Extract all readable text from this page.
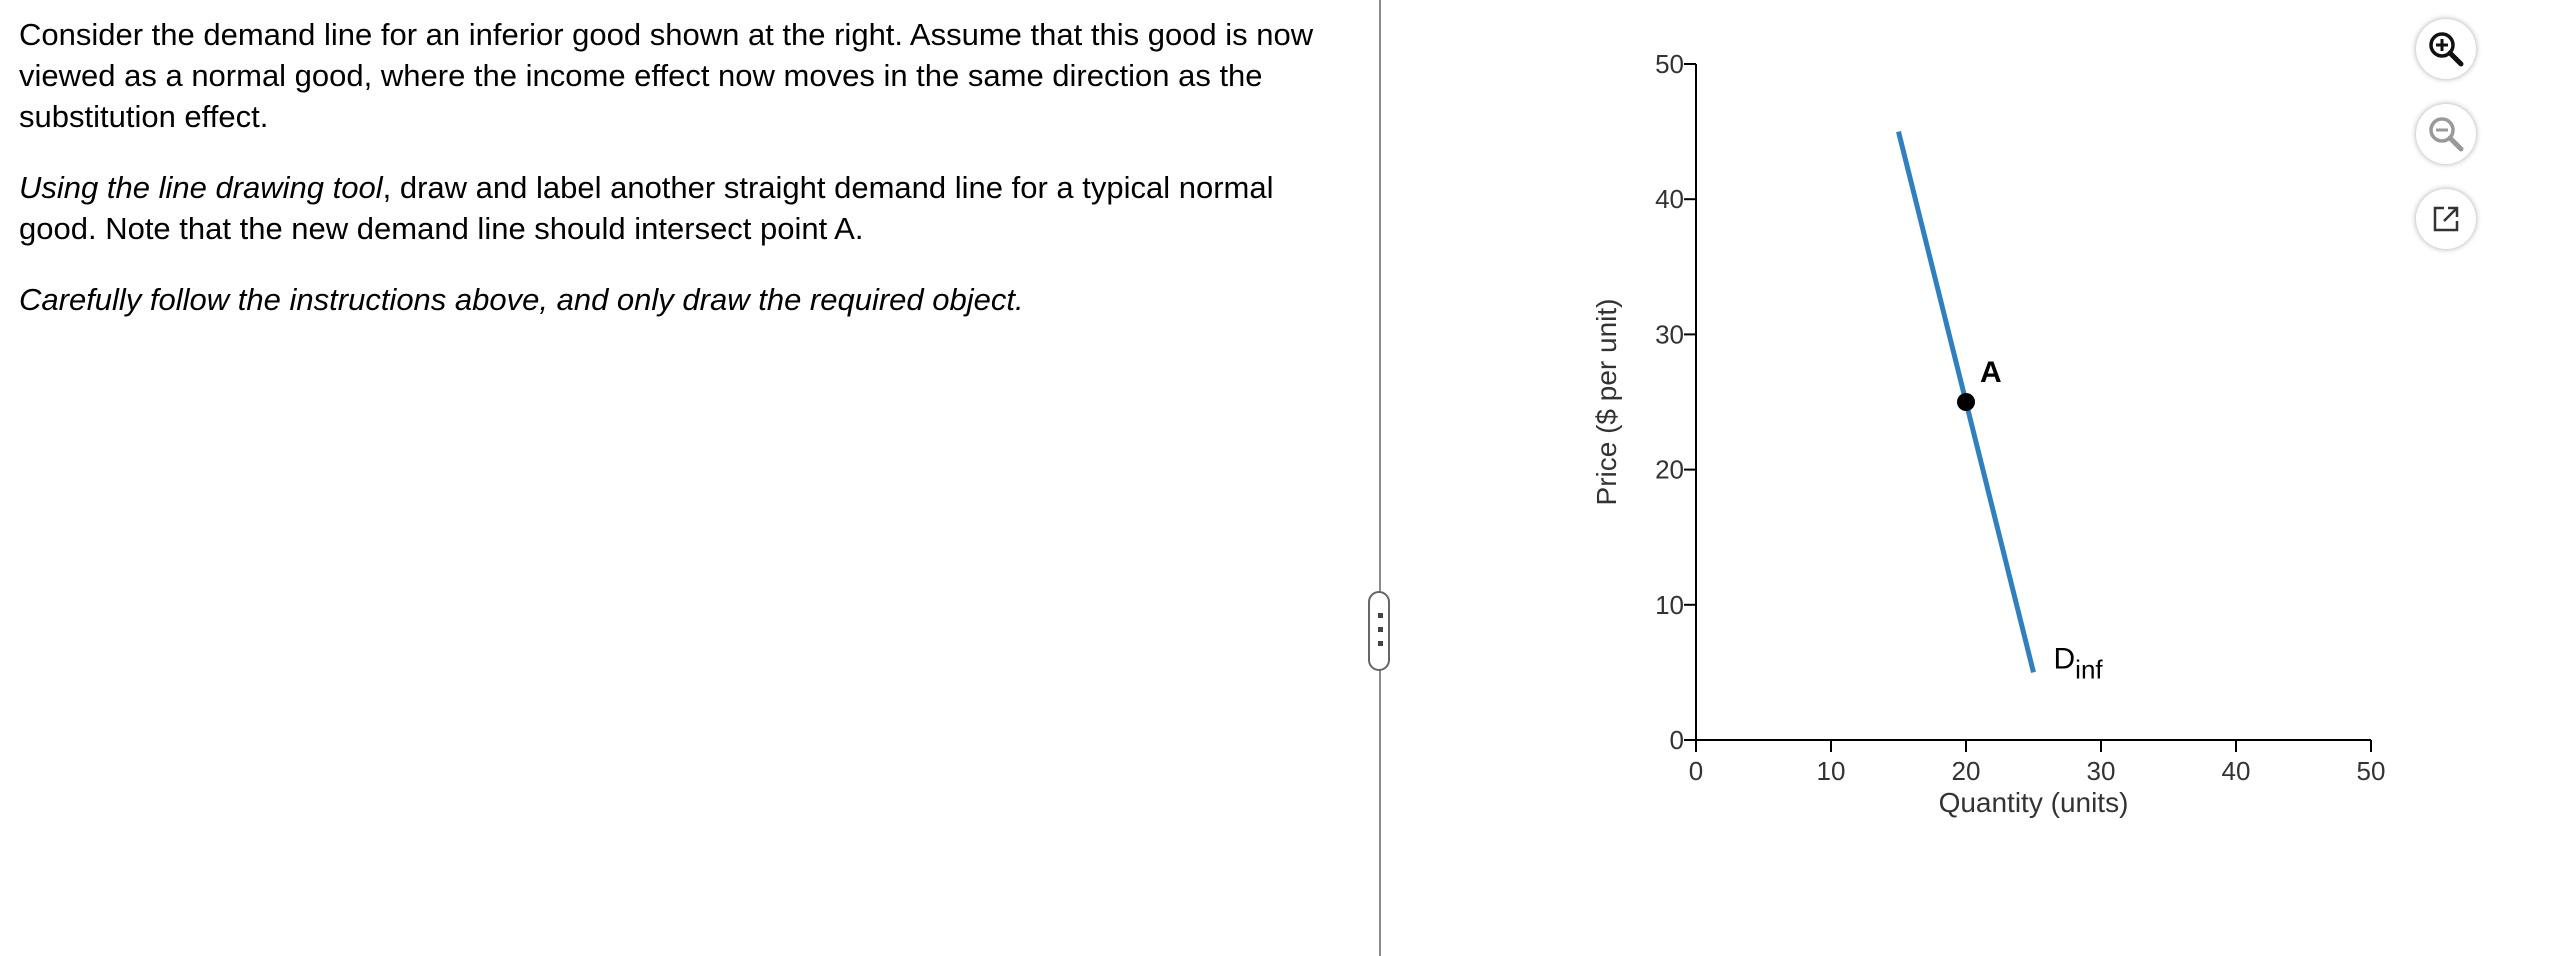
Consider the demand line for an inferior good shown at the right. Assume that this good is now viewed as a normal good, where the income effect now moves in the same direction as the substitution effect.

Using the line drawing tool, draw and label another straight demand line for a typical normal good. Note that the new demand line should intersect point A.

Carefully follow the instructions above, and only draw the required object.

0	10	20	30	40	50
0
10
20
30
40
50
Quantity (units)
Price ($ per unit)
Dinf
A
